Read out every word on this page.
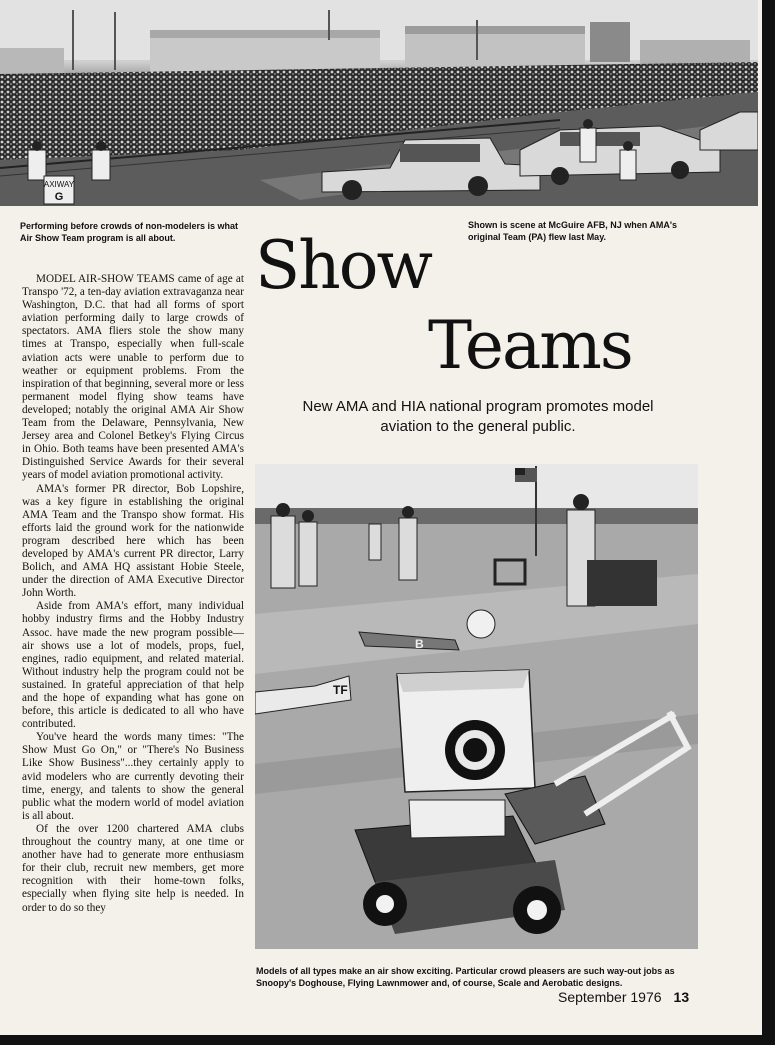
AXIWAY
G
Performing before crowds of non-modelers is what Air Show Team program is all about.
Shown is scene at McGuire AFB, NJ when AMA's original Team (PA) flew last May.
Show
Teams
New AMA and HIA national program promotes model aviation to the general public.

MODEL AIR-SHOW TEAMS came of age at Transpo '72, a ten-day aviation extravaganza near Washington, D.C. that had all forms of sport aviation performing daily to large crowds of spectators. AMA fliers stole the show many times at Transpo, especially when full-scale aviation acts were unable to perform due to weather or equipment problems. From the inspiration of that beginning, several more or less permanent model flying show teams have developed; notably the original AMA Air Show Team from the Delaware, Pennsylvania, New Jersey area and Colonel Betkey's Flying Circus in Ohio. Both teams have been presented AMA's Distinguished Service Awards for their several years of model aviation promotional activity.

AMA's former PR director, Bob Lopshire, was a key figure in establishing the original AMA Team and the Transpo show format. His efforts laid the ground work for the nationwide program described here which has been developed by AMA's current PR director, Larry Bolich, and AMA HQ assistant Hobie Steele, under the direction of AMA Executive Director John Worth.

Aside from AMA's effort, many individual hobby industry firms and the Hobby Industry Assoc. have made the new program possible—air shows use a lot of models, props, fuel, engines, radio equipment, and related material. Without industry help the program could not be sustained. In grateful appreciation of that help and the hope of expanding what has gone on before, this article is dedicated to all who have contributed.

You've heard the words many times: "The Show Must Go On," or "There's No Business Like Show Business"...they certainly apply to avid modelers who are currently devoting their time, energy, and talents to show the general public what the modern world of model aviation is all about.

Of the over 1200 chartered AMA clubs throughout the country many, at one time or another have had to generate more enthusiasm for their club, recruit new members, get more recognition with their home-town folks, especially when flying site help is needed. In order to do so they

TF
B
Models of all types make an air show exciting. Particular crowd pleasers are such way-out jobs as Snoopy's Doghouse, Flying Lawnmower and, of course, Scale and Aerobatic designs.
September 1976 13
